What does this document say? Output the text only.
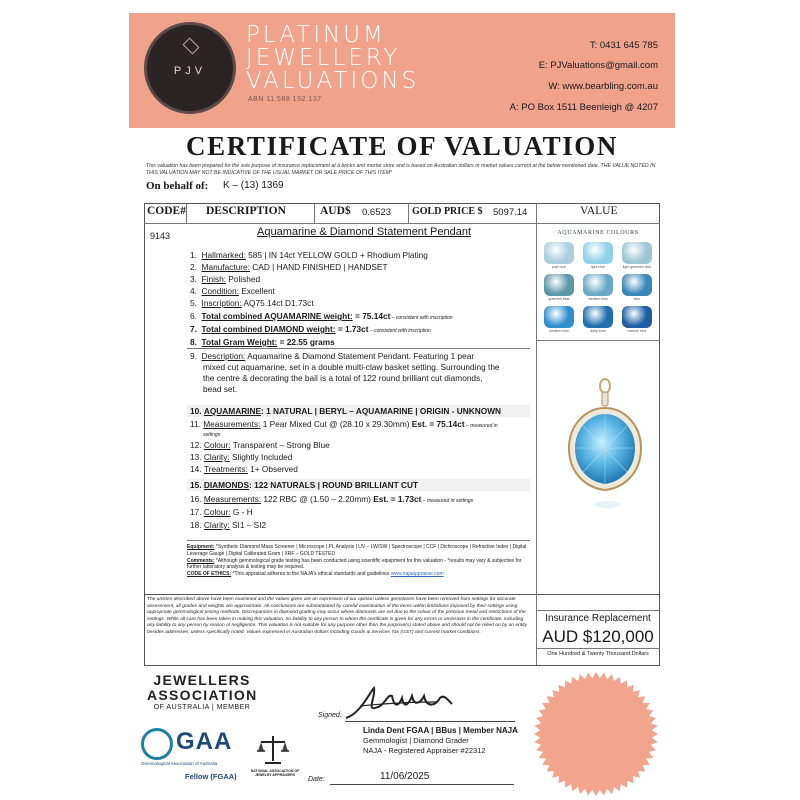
PJV
PLATINUM
JEWELLERY
VALUATIONS
ABN 11 588 192 137
T: 0431 645 785
E: PJValuations@gmail.com
W: www.bearbling.com.au
A: PO Box 1511 Beenleigh @ 4207
CERTIFICATE OF VALUATION
This valuation has been prepared for the sole purpose of insurance replacement at a bricks and mortar store and is based on Australian dollars or market values current at the below mentioned date. THE VALUE NOTED IN THIS VALUATION MAY NOT BE INDICATIVE OF THE USUAL MARKET OR SALE PRICE OF THIS ITEM*
On behalf of: K – (13) 1369
CODE# DESCRIPTION	AUD$ 0.6523 GOLD PRICE $ 5097.14	VALUE
9143	Aquamarine & Diamond Statement Pendant
1. Hallmarked: 585 | IN 14ct YELLOW GOLD + Rhodium Plating
2. Manufacture: CAD | HAND FINISHED | HANDSET
3. Finish: Polished
4. Condition: Excellent
5. Inscription: AQ75.14ct D1.73ct
6. Total combined AQUAMARINE weight: = 75.14ct – consistent with inscription
7. Total combined DIAMOND weight: = 1.73ct – consistent with inscription
8. Total Gram Weight: = 22.55 grams
9. Description: Aquamarine & Diamond Statement Pendant. Featuring 1 pear
mixed cut aquamarine, set in a double multi-claw basket setting. Surrounding the
the centre & decorating the bail is a total of 122 round brilliant cut diamonds,
bead set.
10. AQUAMARINE: 1 NATURAL | BERYL – AQUAMARINE | ORIGIN - UNKNOWN
11. Measurements: 1 Pear Mixed Cut @ (28.10 x 29.30mm) Est. = 75.14ct – measured in
settings
12. Colour: Transparent – Strong Blue
13. Clarity: Slightly Included
14. Treatments: 1+ Observed
15. DIAMONDS: 122 NATURALS | ROUND BRILLIANT CUT
16. Measurements: 122 RBC @ (1.50 – 2.20mm) Est. = 1.73ct – measured in settings
17. Colour: G - H
18. Clarity: SI1 – SI2
AQUAMARINE COLOURS
pale blue	light blue	light greenish blue
greenish blue	medium blue	blue
medium blue	deep blue	intense blue
Equipment: *Synthetic Diamond Mass Screener | Microscope | PL Analysis | UV – LW/SW | Spectroscope | CCF | Dichroscope | Refractive Index | Digital Leverage Gauge | Digital Calibrated Gram | XRF – GOLD TESTED
Comments: *Although gemmological grade testing has been conducted using scientific equipment for this valuation - *results may vary & subjective for further laboratory analysis & testing may be required.
CODE OF ETHICS: *This appraisal adheres to the NAJA's ethical standards and guidelines www.najaappraiser.com
The articles described above have been examined and the values given are an expression of our opinion unless gemstones have been removed from settings for accurate assessment, all grades and weights are approximate. All conclusions are substantiated by careful examination of the items within limitations imposed by their settings using appropriate gemmological testing methods. Discrepancies in diamond grading may occur where diamonds are set due to the colour of the precious metal and restrictions of the settings. While all care has been taken in making this valuation, no liability to any person to whom the certificate is given for any errors or omissions in the certificate, including any liability to any person by reason of negligence. This valuation is not suitable for any purpose other than the purpose(s) stated above and should not be relied on by an entity besides addressee, unless specifically noted. Values expressed in Australian dollars including Goods & Services Tax (GST) and current market conditions.
Insurance Replacement
AUD $120,000
One Hundred & Twenty Thousand Dollars
JEWELLERS
ASSOCIATION
OF AUSTRALIA | MEMBER
GAA
Gemmological Association of Australia
Fellow (FGAA)
NATIONAL ASSOCIATION OF JEWELRY APPRAISERS
Signed:
Linda Dent FGAA | BBus | Member NAJA
Gemmologist | Diamond Grader
NAJA - Registered Appraiser #22312
Date:	11/06/2025
